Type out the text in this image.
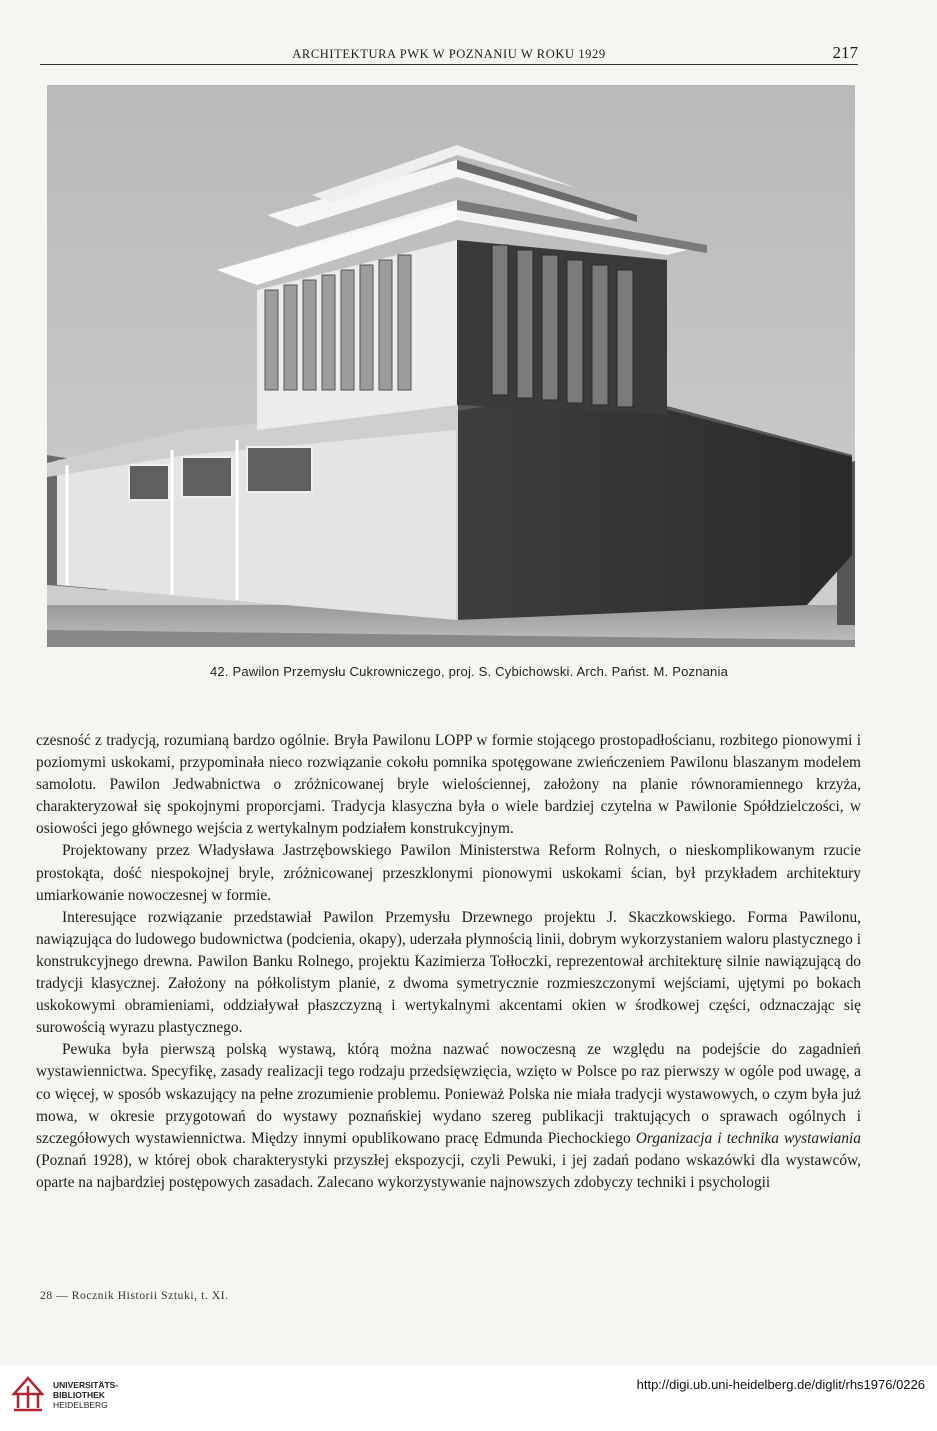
ARCHITEKTURA PWK W POZNANIU W ROKU 1929	217
42. Pawilon Przemysłu Cukrowniczego, proj. S. Cybichowski. Arch. Państ. M. Poznania

czesność z tradycją, rozumianą bardzo ogólnie. Bryła Pawilonu LOPP w formie stojącego prostopadłościanu, rozbitego pionowymi i poziomymi uskokami, przypominała nieco rozwiązanie cokołu pomnika spotęgowane zwieńczeniem Pawilonu blaszanym modelem samolotu. Pawilon Jedwabnictwa o zróżnicowanej bryle wielościennej, założony na planie równoramiennego krzyża, charakteryzował się spokojnymi proporcjami. Tradycja klasyczna była o wiele bardziej czytelna w Pawilonie Spółdzielczości, w osiowości jego głównego wejścia z wertykalnym podziałem konstrukcyjnym.

Projektowany przez Władysława Jastrzębowskiego Pawilon Ministerstwa Reform Rolnych, o nieskomplikowanym rzucie prostokąta, dość niespokojnej bryle, zróżnicowanej przeszklonymi pionowymi uskokami ścian, był przykładem architektury umiarkowanie nowoczesnej w formie.

Interesujące rozwiązanie przedstawiał Pawilon Przemysłu Drzewnego projektu J. Skaczkowskiego. Forma Pawilonu, nawiązująca do ludowego budownictwa (podcienia, okapy), uderzała płynnością linii, dobrym wykorzystaniem waloru plastycznego i konstrukcyjnego drewna. Pawilon Banku Rolnego, projektu Kazimierza Tołłoczki, reprezentował architekturę silnie nawiązującą do tradycji klasycznej. Założony na półkolistym planie, z dwoma symetrycznie rozmieszczonymi wejściami, ujętymi po bokach uskokowymi obramieniami, oddziaływał płaszczyzną i wertykalnymi akcentami okien w środkowej części, odznaczając się surowością wyrazu plastycznego.

Pewuka była pierwszą polską wystawą, którą można nazwać nowoczesną ze względu na podejście do zagadnień wystawiennictwa. Specyfikę, zasady realizacji tego rodzaju przedsięwzięcia, wzięto w Polsce po raz pierwszy w ogóle pod uwagę, a co więcej, w sposób wskazujący na pełne zrozumienie problemu. Ponieważ Polska nie miała tradycji wystawowych, o czym była już mowa, w okresie przygotowań do wystawy poznańskiej wydano szereg publikacji traktujących o sprawach ogólnych i szczegółowych wystawiennictwa. Między innymi opublikowano pracę Edmunda Piechockiego Organizacja i technika wystawiania (Poznań 1928), w której obok charakterystyki przyszłej ekspozycji, czyli Pewuki, i jej zadań podano wskazówki dla wystawców, oparte na najbardziej postępowych zasadach. Zalecano wykorzystywanie najnowszych zdobyczy techniki i psychologii

28 — Rocznik Historii Sztuki, t. XI.
UNIVERSITÄTS-
BIBLIOTHEK
HEIDELBERG
http://digi.ub.uni-heidelberg.de/diglit/rhs1976/0226
